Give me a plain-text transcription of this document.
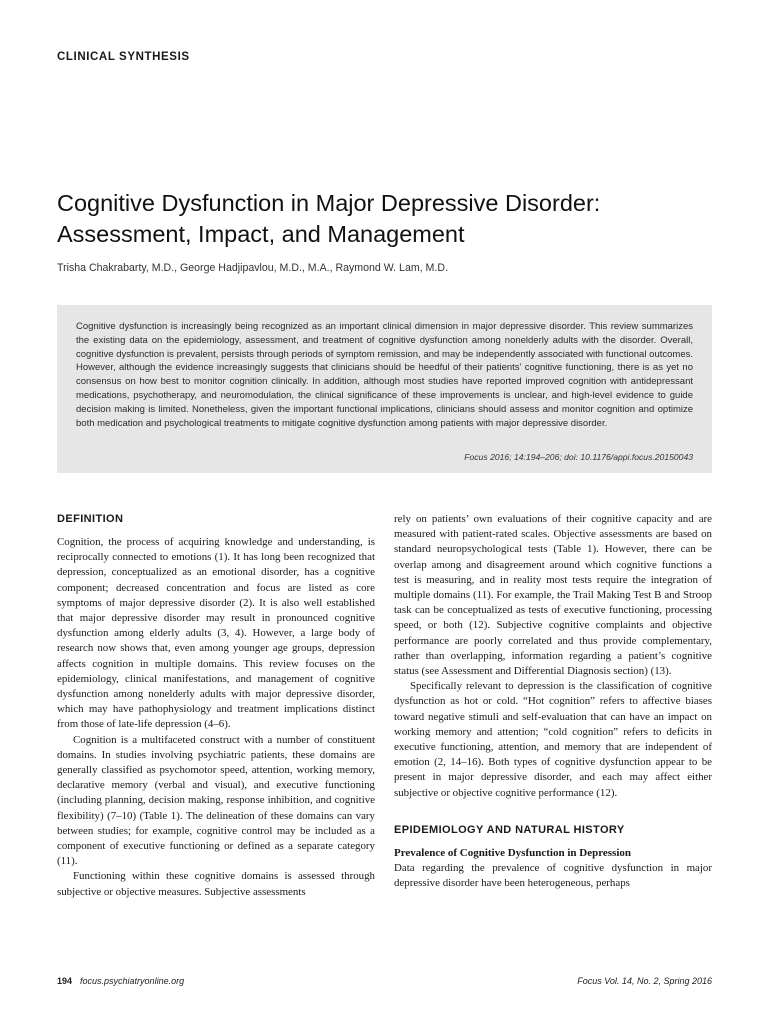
CLINICAL SYNTHESIS
Cognitive Dysfunction in Major Depressive Disorder:
Assessment, Impact, and Management
Trisha Chakrabarty, M.D., George Hadjipavlou, M.D., M.A., Raymond W. Lam, M.D.

Cognitive dysfunction is increasingly being recognized as an important clinical dimension in major depressive disorder. This review summarizes the existing data on the epidemiology, assessment, and treatment of cognitive dysfunction among nonelderly adults with the disorder. Overall, cognitive dysfunction is prevalent, persists through periods of symptom remission, and may be independently associated with functional outcomes. However, although the evidence increasingly suggests that clinicians should be heedful of their patients’ cognitive functioning, there is as yet no consensus on how best to monitor cognition clinically. In addition, although most studies have reported improved cognition with antidepressant medications, psychotherapy, and neuromodulation, the clinical significance of these improvements is unclear, and high-level evidence to guide decision making is limited. Nonetheless, given the important functional implications, clinicians should assess and monitor cognition and optimize both medication and psychological treatments to mitigate cognitive dysfunction among patients with major depressive disorder.

Focus 2016; 14:194–206; doi: 10.1176/appi.focus.20150043
DEFINITION

Cognition, the process of acquiring knowledge and understanding, is reciprocally connected to emotions (1). It has long been recognized that depression, conceptualized as an emotional disorder, has a cognitive component; decreased concentration and focus are listed as core symptoms of major depressive disorder (2). It is also well established that major depressive disorder may result in pronounced cognitive dysfunction among elderly adults (3, 4). However, a large body of research now shows that, even among younger age groups, depression affects cognition in multiple domains. This review focuses on the epidemiology, clinical manifestations, and management of cognitive dysfunction among nonelderly adults with major depressive disorder, which may have pathophysiology and treatment implications distinct from those of late-life depression (4–6).

Cognition is a multifaceted construct with a number of constituent domains. In studies involving psychiatric patients, these domains are generally classified as psychomotor speed, attention, working memory, declarative memory (verbal and visual), and executive functioning (including planning, decision making, response inhibition, and cognitive flexibility) (7–10) (Table 1). The delineation of these domains can vary between studies; for example, cognitive control may be included as a component of executive functioning or defined as a separate category (11).

Functioning within these cognitive domains is assessed through subjective or objective measures. Subjective assessments

rely on patients’ own evaluations of their cognitive capacity and are measured with patient-rated scales. Objective assessments are based on standard neuropsychological tests (Table 1). However, there can be overlap among and disagreement around which cognitive functions a test is measuring, and in reality most tests require the integration of multiple domains (11). For example, the Trail Making Test B and Stroop task can be conceptualized as tests of executive functioning, processing speed, or both (12). Subjective cognitive complaints and objective performance are poorly correlated and thus provide complementary, rather than overlapping, information regarding a patient’s cognitive status (see Assessment and Differential Diagnosis section) (13).

Specifically relevant to depression is the classification of cognitive dysfunction as hot or cold. “Hot cognition” refers to affective biases toward negative stimuli and self-evaluation that can have an impact on working memory and attention; “cold cognition” refers to deficits in executive functioning, attention, and memory that are independent of emotion (2, 14–16). Both types of cognitive dysfunction appear to be present in major depressive disorder, and each may affect either subjective or objective cognitive performance (12).

EPIDEMIOLOGY AND NATURAL HISTORY
Prevalence of Cognitive Dysfunction in Depression

Data regarding the prevalence of cognitive dysfunction in major depressive disorder have been heterogeneous, perhaps

194 focus.psychiatryonline.org	Focus Vol. 14, No. 2, Spring 2016
